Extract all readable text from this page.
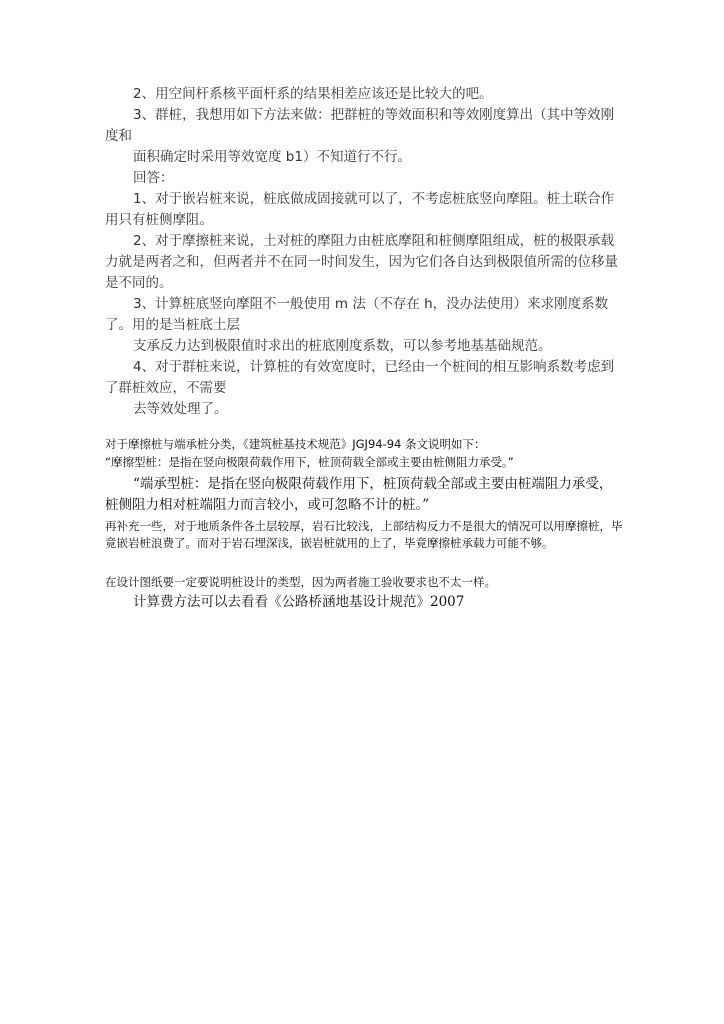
2、用空间杆系核平面杆系的结果相差应该还是比较大的吧。

3、群桩，我想用如下方法来做：把群桩的等效面积和等效刚度算出（其中等效刚度和

面积确定时采用等效宽度 b1）不知道行不行。

回答：

1、对于嵌岩桩来说，桩底做成固接就可以了，不考虑桩底竖向摩阻。桩土联合作用只有桩侧摩阻。

2、对于摩擦桩来说，土对桩的摩阻力由桩底摩阻和桩侧摩阻组成，桩的极限承载力就是两者之和，但两者并不在同一时间发生，因为它们各自达到极限值所需的位移量是不同的。

3、计算桩底竖向摩阻不一般使用 m 法（不存在 h，没办法使用）来求刚度系数了。用的是当桩底土层

支承反力达到极限值时求出的桩底刚度系数，可以参考地基基础规范。

4、对于群桩来说，计算桩的有效宽度时，已经由一个桩间的相互影响系数考虑到了群桩效应，不需要

去等效处理了。

对于摩擦桩与端承桩分类，《建筑桩基技术规范》JGJ94-94 条文说明如下：

“摩擦型桩：是指在竖向极限荷载作用下，桩顶荷载全部或主要由桩侧阻力承受。”

“端承型桩：是指在竖向极限荷载作用下，桩顶荷载全部或主要由桩端阻力承受，桩侧阻力相对桩端阻力而言较小，或可忽略不计的桩。”

再补充一些，对于地质条件各土层较厚，岩石比较浅，上部结构反力不是很大的情况可以用摩擦桩，毕竟嵌岩桩浪费了。而对于岩石埋深浅，嵌岩桩就用的上了，毕竟摩擦桩承载力可能不够。

在设计图纸要一定要说明桩设计的类型，因为两者施工验收要求也不太一样。

计算费方法可以去看看《公路桥涵地基设计规范》2007
